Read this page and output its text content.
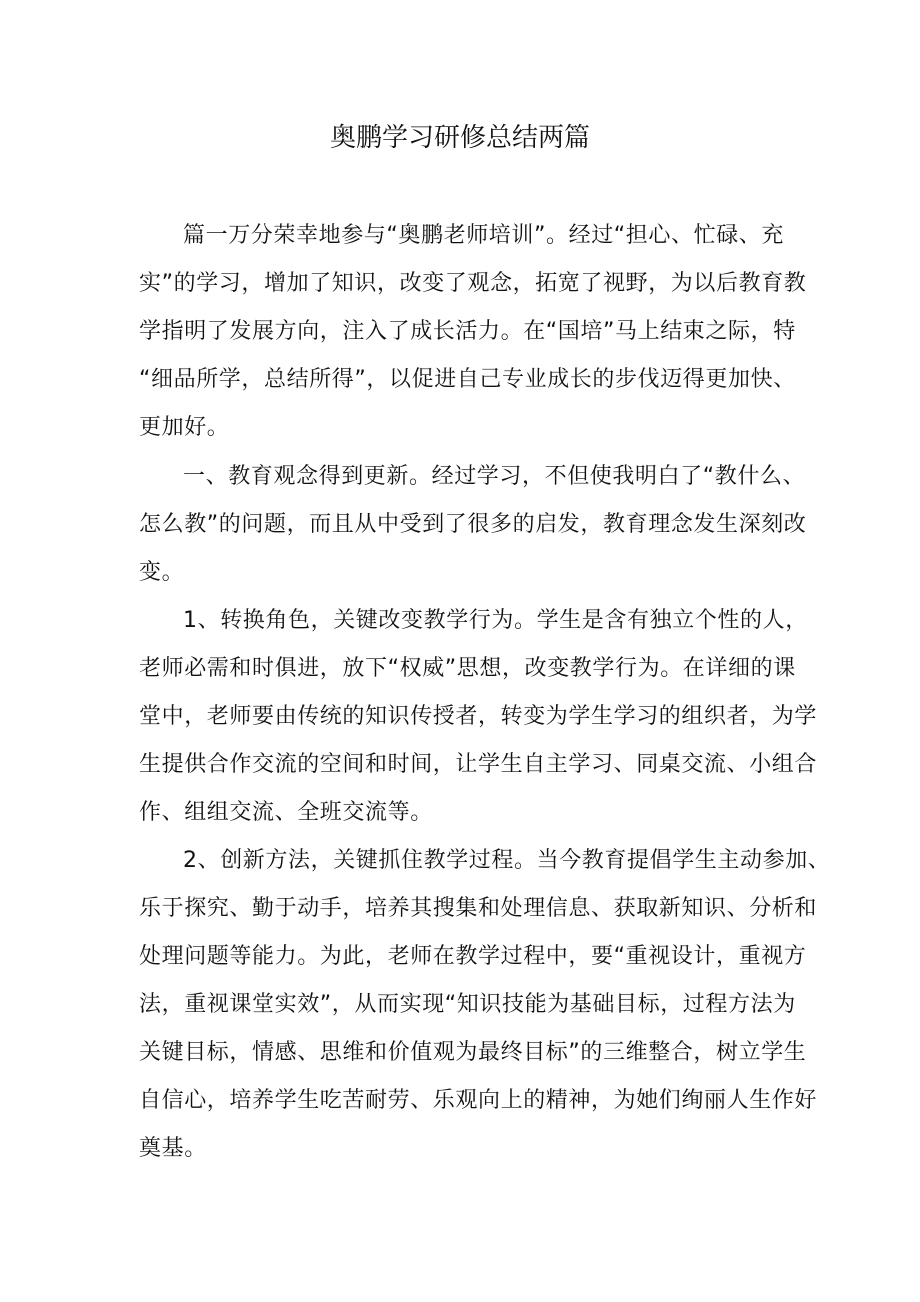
奥鹏学习研修总结两篇
篇一万分荣幸地参与“奥鹏老师培训”。经过“担心、忙碌、充
实”的学习，增加了知识，改变了观念，拓宽了视野，为以后教育教
学指明了发展方向，注入了成长活力。在“国培”马上结束之际，特
“细品所学，总结所得”，以促进自己专业成长的步伐迈得更加快、
更加好。
一、教育观念得到更新。经过学习，不但使我明白了“教什么、
怎么教”的问题，而且从中受到了很多的启发，教育理念发生深刻改
变。
1、转换角色，关键改变教学行为。学生是含有独立个性的人，
老师必需和时俱进，放下“权威”思想，改变教学行为。在详细的课
堂中，老师要由传统的知识传授者，转变为学生学习的组织者，为学
生提供合作交流的空间和时间，让学生自主学习、同桌交流、小组合
作、组组交流、全班交流等。
2、创新方法，关键抓住教学过程。当今教育提倡学生主动参加、
乐于探究、勤于动手，培养其搜集和处理信息、获取新知识、分析和
处理问题等能力。为此，老师在教学过程中，要“重视设计，重视方
法，重视课堂实效”，从而实现“知识技能为基础目标，过程方法为
关键目标，情感、思维和价值观为最终目标”的三维整合，树立学生
自信心，培养学生吃苦耐劳、乐观向上的精神，为她们绚丽人生作好
奠基。
